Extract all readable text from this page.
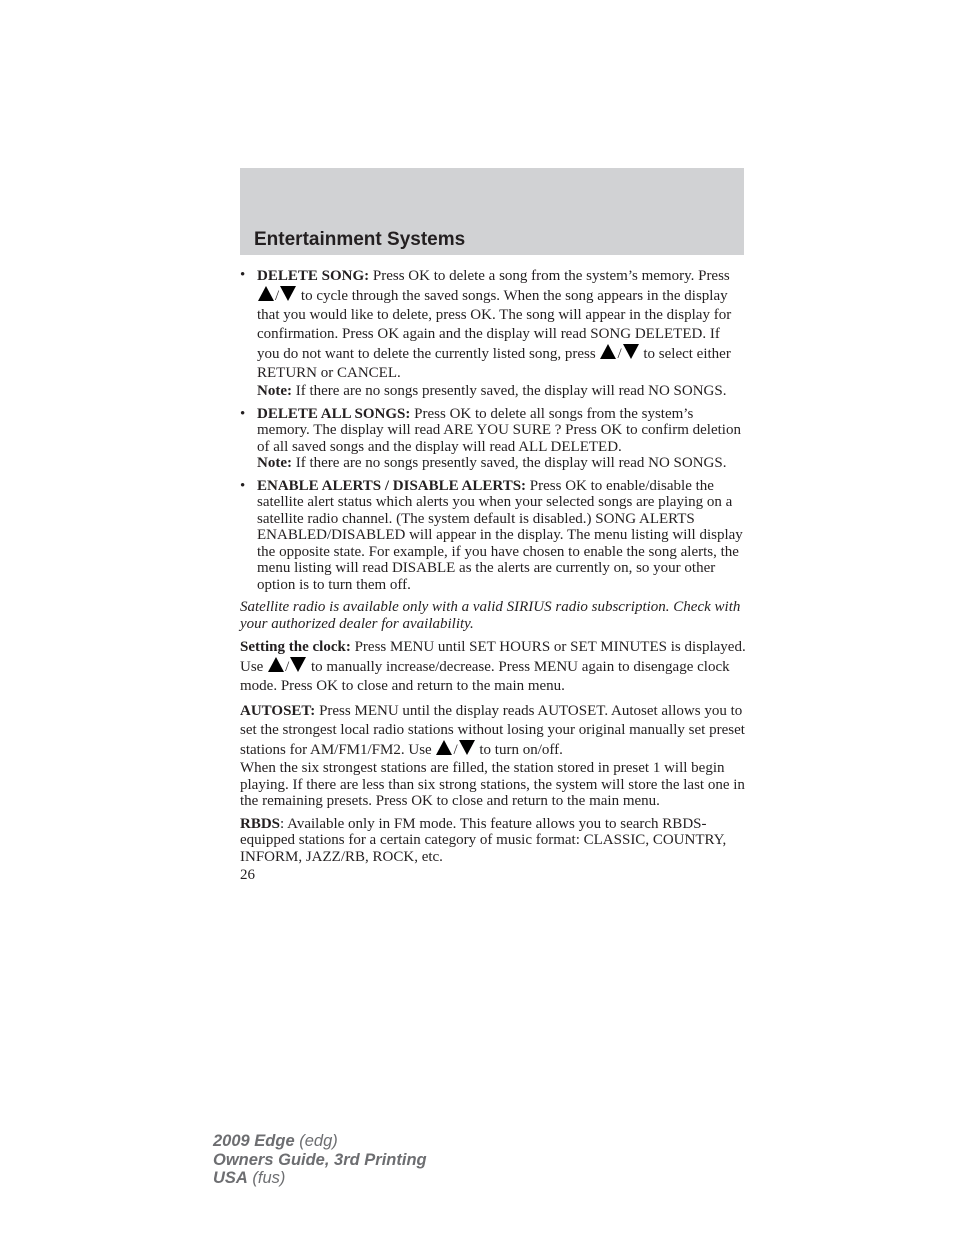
Entertainment Systems
• DELETE SONG: Press OK to delete a song from the system’s memory. Press / to cycle through the saved songs. When the song appears in the display that you would like to delete, press OK. The song will appear in the display for confirmation. Press OK again and the display will read SONG DELETED. If you do not want to delete the currently listed song, press / to select either RETURN or CANCEL.
Note: If there are no songs presently saved, the display will read NO SONGS.
• DELETE ALL SONGS: Press OK to delete all songs from the system’s memory. The display will read ARE YOU SURE ? Press OK to confirm deletion of all saved songs and the display will read ALL DELETED.
Note: If there are no songs presently saved, the display will read NO SONGS.
• ENABLE ALERTS / DISABLE ALERTS: Press OK to enable/disable the satellite alert status which alerts you when your selected songs are playing on a satellite radio channel. (The system default is disabled.) SONG ALERTS ENABLED/DISABLED will appear in the display. The menu listing will display the opposite state. For example, if you have chosen to enable the song alerts, the menu listing will read DISABLE as the alerts are currently on, so your other option is to turn them off.
Satellite radio is available only with a valid SIRIUS radio subscription. Check with your authorized dealer for availability.
Setting the clock: Press MENU until SET HOURS or SET MINUTES is displayed. Use / to manually increase/decrease. Press MENU again to disengage clock mode. Press OK to close and return to the main menu.
AUTOSET: Press MENU until the display reads AUTOSET. Autoset allows you to set the strongest local radio stations without losing your original manually set preset stations for AM/FM1/FM2. Use / to turn on/off.
When the six strongest stations are filled, the station stored in preset 1 will begin playing. If there are less than six strong stations, the system will store the last one in the remaining presets. Press OK to close and return to the main menu.
RBDS: Available only in FM mode. This feature allows you to search RBDS-equipped stations for a certain category of music format: CLASSIC, COUNTRY, INFORM, JAZZ/RB, ROCK, etc.
26
2009 Edge (edg)
Owners Guide, 3rd Printing
USA (fus)
